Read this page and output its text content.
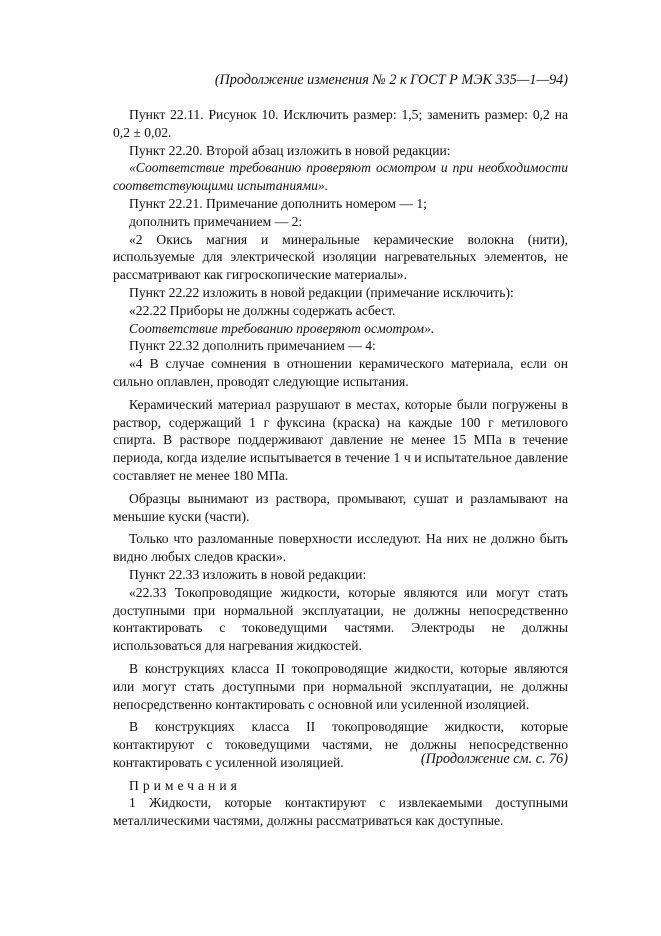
(Продолжение изменения № 2 к ГОСТ Р МЭК 335—1—94)

Пункт 22.11. Рисунок 10. Исключить размер: 1,5; заменить размер: 0,2 на 0,2 ± 0,02.

Пункт 22.20. Второй абзац изложить в новой редакции:

«Соответствие требованию проверяют осмотром и при необходимости соответствующими испытаниями».

Пункт 22.21. Примечание дополнить номером — 1;

дополнить примечанием — 2:

«2 Окись магния и минеральные керамические волокна (нити), используемые для электрической изоляции нагревательных элементов, не рассматривают как гигроскопические материалы».

Пункт 22.22 изложить в новой редакции (примечание исключить):

«22.22 Приборы не должны содержать асбест.

Соответствие требованию проверяют осмотром».

Пункт 22.32 дополнить примечанием — 4:

«4 В случае сомнения в отношении керамического материала, если он сильно оплавлен, проводят следующие испытания.

Керамический материал разрушают в местах, которые были погружены в раствор, содержащий 1 г фуксина (краска) на каждые 100 г метилового спирта. В растворе поддерживают давление не менее 15 МПа в течение периода, когда изделие испытывается в течение 1 ч и испытательное давление составляет не менее 180 МПа.

Образцы вынимают из раствора, промывают, сушат и разламывают на меньшие куски (части).

Только что разломанные поверхности исследуют. На них не должно быть видно любых следов краски».

Пункт 22.33 изложить в новой редакции:

«22.33 Токопроводящие жидкости, которые являются или могут стать доступными при нормальной эксплуатации, не должны непосредственно контактировать с токоведущими частями. Электроды не должны использоваться для нагревания жидкостей.

В конструкциях класса II токопроводящие жидкости, которые являются или могут стать доступными при нормальной эксплуатации, не должны непосредственно контактировать с основной или усиленной изоляцией.

В конструкциях класса II токопроводящие жидкости, которые контактируют с токоведущими частями, не должны непосредственно контактировать с усиленной изоляцией.

Примечания

1 Жидкости, которые контактируют с извлекаемыми доступными металлическими частями, должны рассматриваться как доступные.

(Продолжение см. с. 76)
